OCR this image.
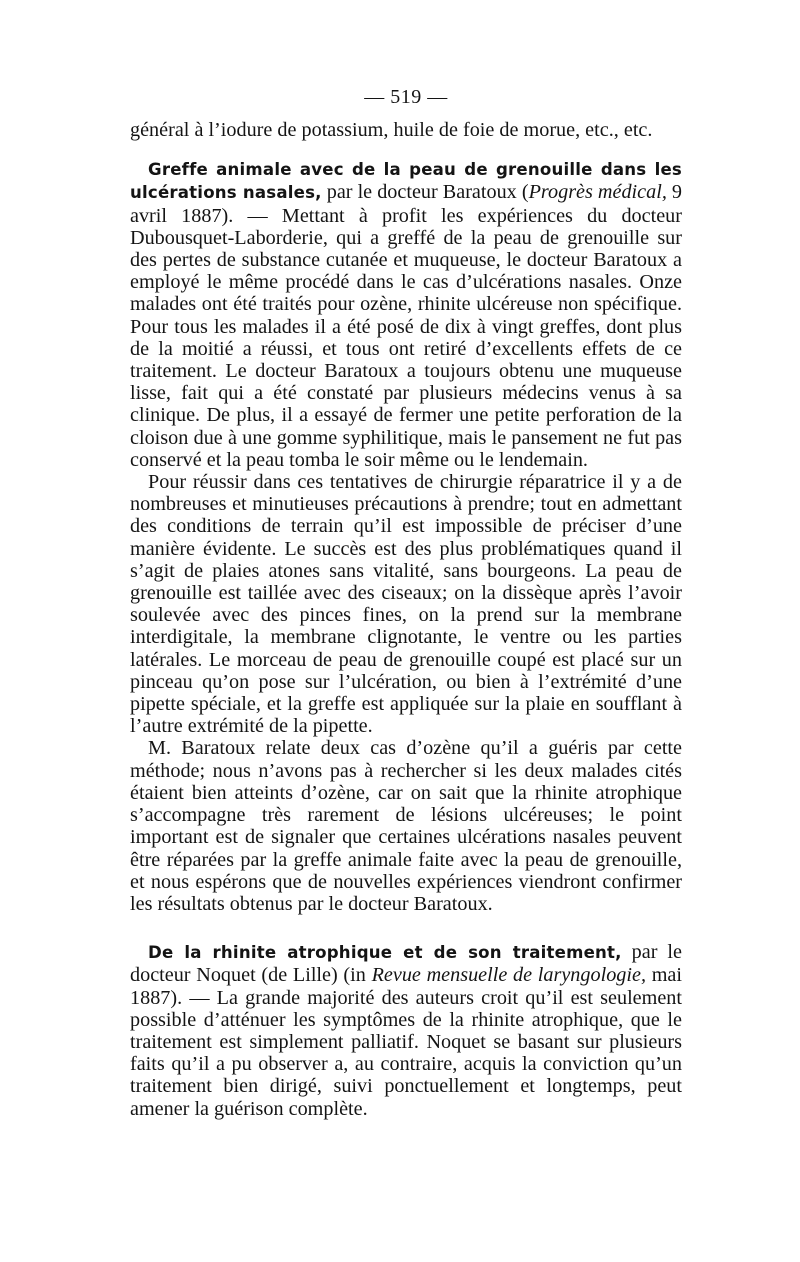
— 519 —

général à l’iodure de potassium, huile de foie de morue, etc., etc.

Greffe animale avec de la peau de grenouille dans les ulcérations nasales, par le docteur Baratoux (Progrès médical, 9 avril 1887). — Mettant à profit les expériences du docteur Dubousquet-Laborderie, qui a greffé de la peau de grenouille sur des pertes de substance cutanée et muqueuse, le docteur Baratoux a employé le même procédé dans le cas d’ulcérations nasales. Onze malades ont été traités pour ozène, rhinite ulcéreuse non spécifique. Pour tous les malades il a été posé de dix à vingt greffes, dont plus de la moitié a réussi, et tous ont retiré d’excellents effets de ce traitement. Le docteur Baratoux a toujours obtenu une muqueuse lisse, fait qui a été constaté par plusieurs médecins venus à sa clinique. De plus, il a essayé de fermer une petite perforation de la cloison due à une gomme syphilitique, mais le pansement ne fut pas conservé et la peau tomba le soir même ou le lendemain.

Pour réussir dans ces tentatives de chirurgie réparatrice il y a de nombreuses et minutieuses précautions à prendre; tout en admettant des conditions de terrain qu’il est impossible de préciser d’une manière évidente. Le succès est des plus problématiques quand il s’agit de plaies atones sans vitalité, sans bourgeons. La peau de grenouille est taillée avec des ciseaux; on la dissèque après l’avoir soulevée avec des pinces fines, on la prend sur la membrane interdigitale, la membrane clignotante, le ventre ou les parties latérales. Le morceau de peau de grenouille coupé est placé sur un pinceau qu’on pose sur l’ulcération, ou bien à l’extrémité d’une pipette spéciale, et la greffe est appliquée sur la plaie en soufflant à l’autre extrémité de la pipette.

M. Baratoux relate deux cas d’ozène qu’il a guéris par cette méthode; nous n’avons pas à rechercher si les deux malades cités étaient bien atteints d’ozène, car on sait que la rhinite atrophique s’accompagne très rarement de lésions ulcéreuses; le point important est de signaler que certaines ulcérations nasales peuvent être réparées par la greffe animale faite avec la peau de grenouille, et nous espérons que de nouvelles expériences viendront confirmer les résultats obtenus par le docteur Baratoux.

De la rhinite atrophique et de son traitement, par le docteur Noquet (de Lille) (in Revue mensuelle de laryngologie, mai 1887). — La grande majorité des auteurs croit qu’il est seulement possible d’atténuer les symptômes de la rhinite atrophique, que le traitement est simplement palliatif. Noquet se basant sur plusieurs faits qu’il a pu observer a, au contraire, acquis la conviction qu’un traitement bien dirigé, suivi ponctuellement et longtemps, peut amener la guérison complète.
